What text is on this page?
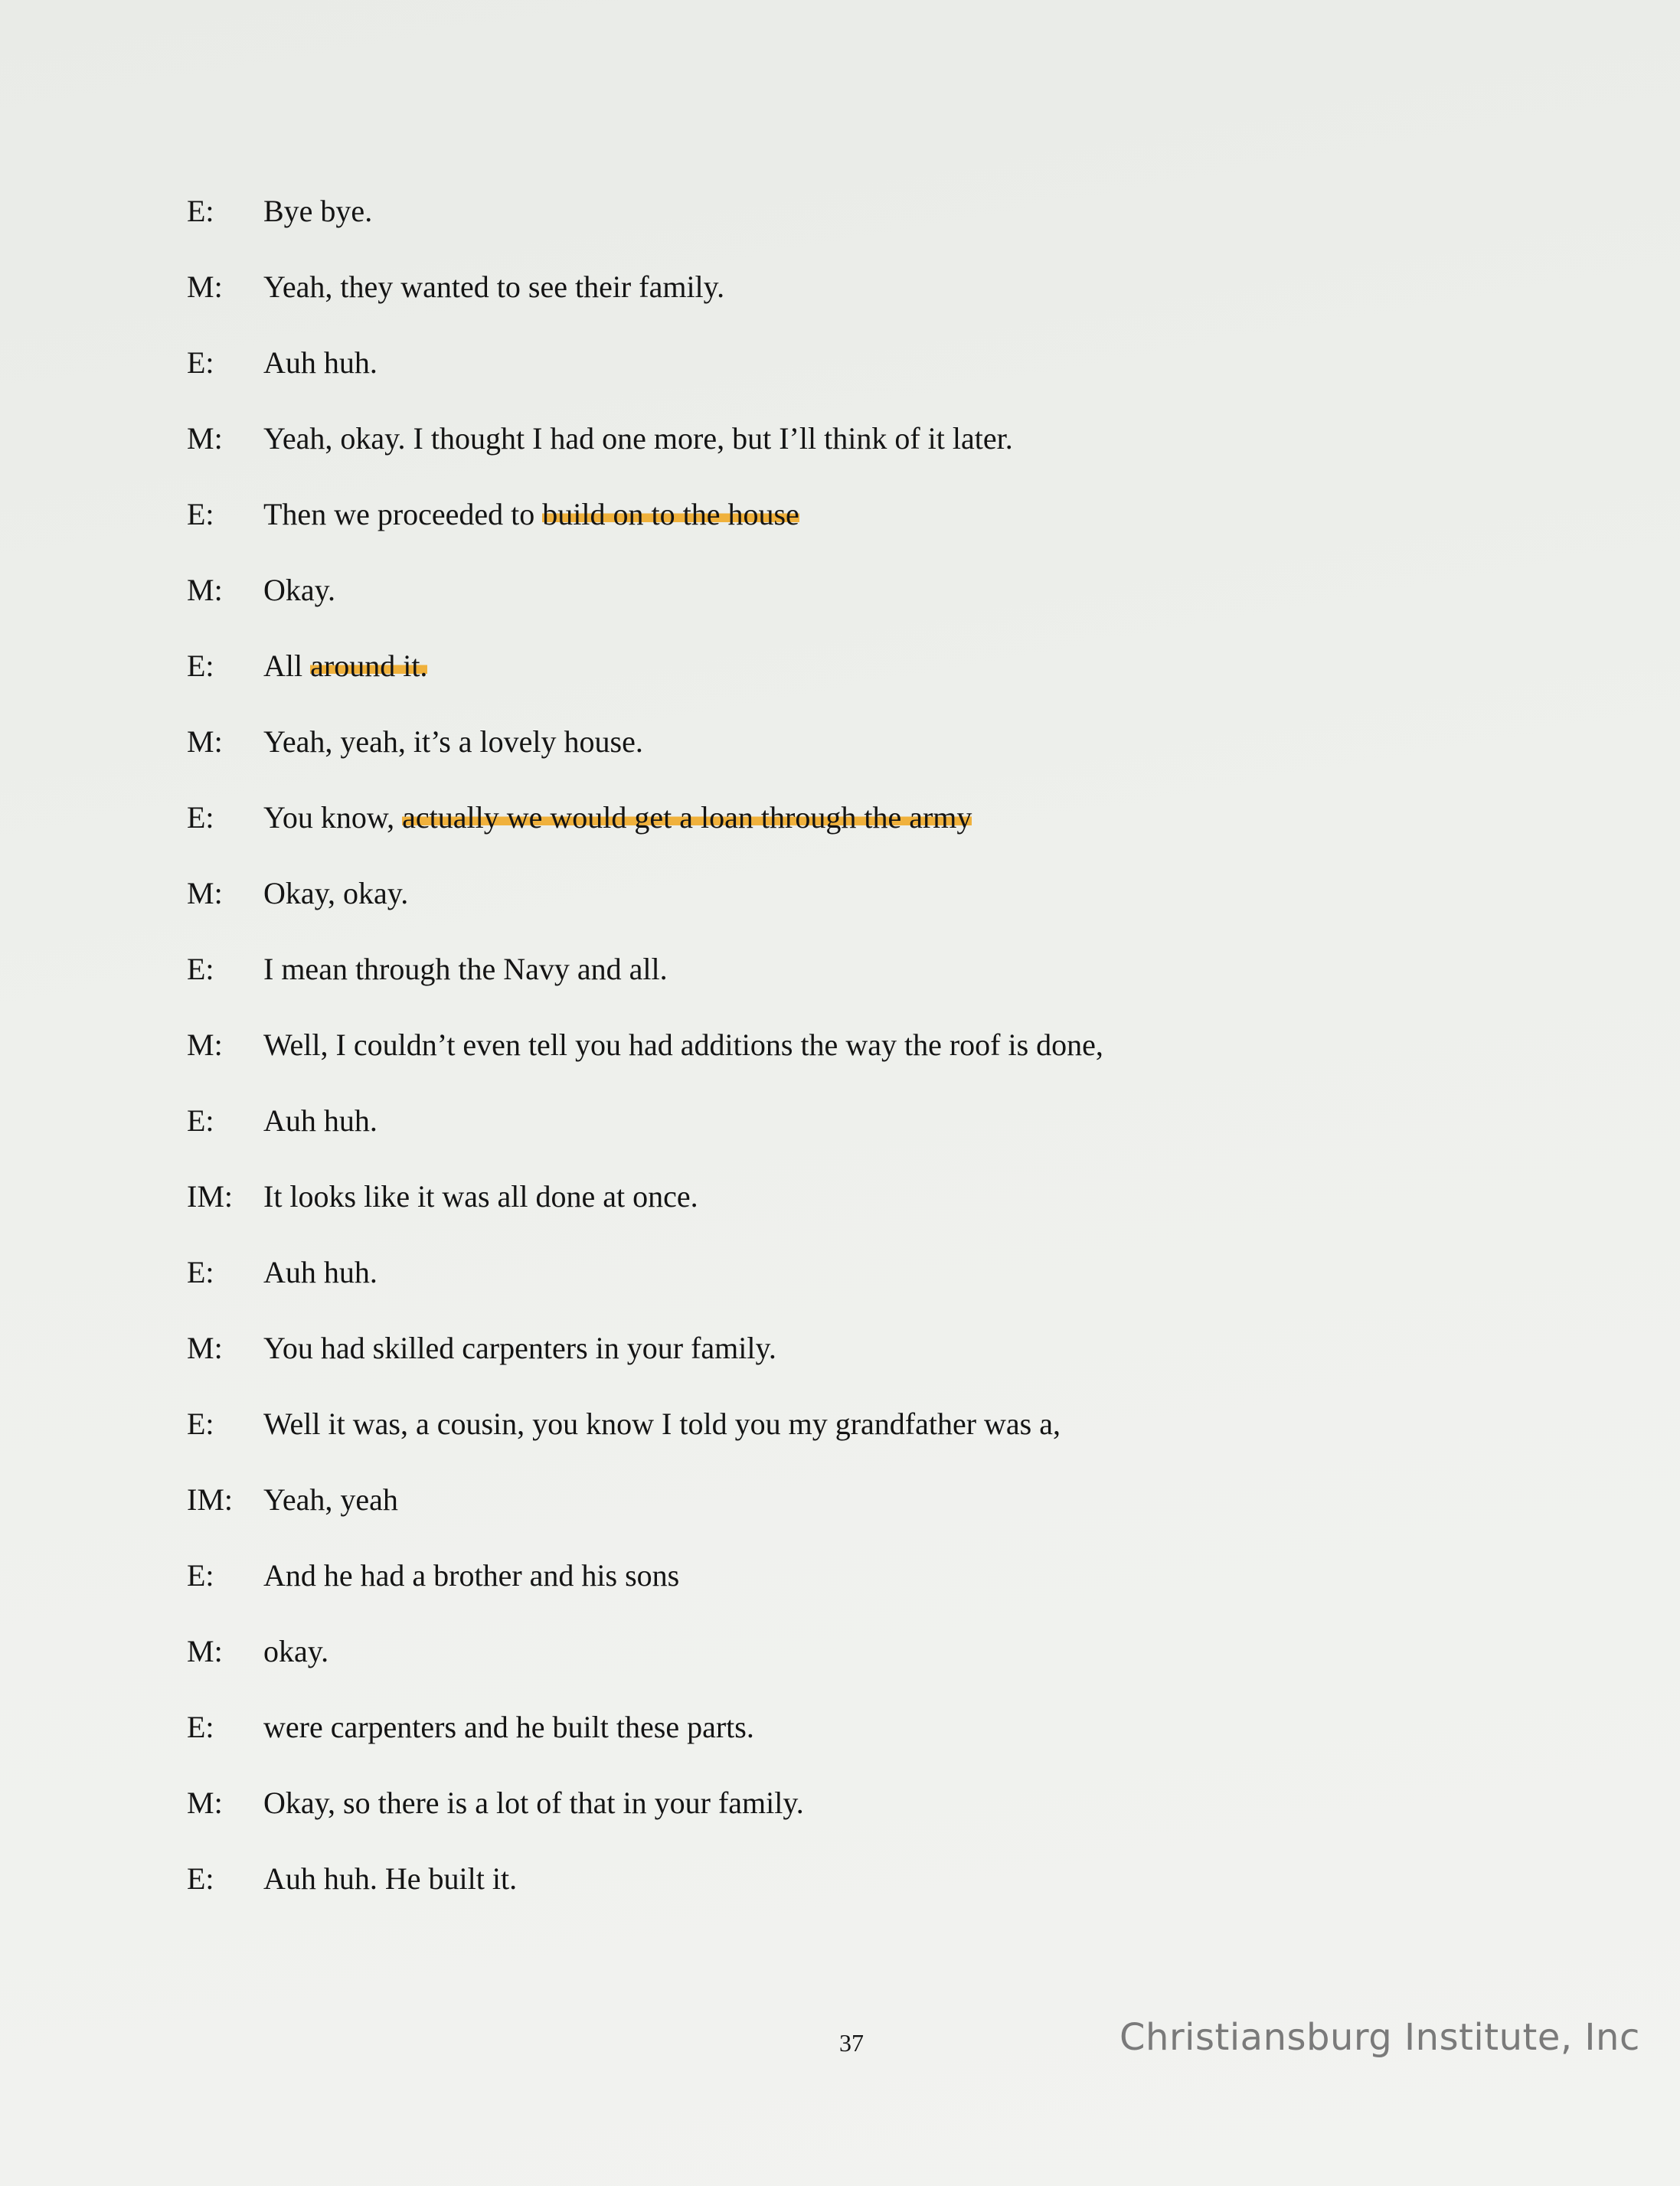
E: Bye bye.
M: Yeah, they wanted to see their family.
E: Auh huh.
M: Yeah, okay. I thought I had one more, but I’ll think of it later.
E: Then we proceeded to build on to the house
M: Okay.
E: All around it.
M: Yeah, yeah, it’s a lovely house.
E: You know, actually we would get a loan through the army
M: Okay, okay.
E: I mean through the Navy and all.
M: Well, I couldn’t even tell you had additions the way the roof is done,
E: Auh huh.
IM: It looks like it was all done at once.
E: Auh huh.
M: You had skilled carpenters in your family.
E: Well it was, a cousin, you know I told you my grandfather was a,
IM: Yeah, yeah
E: And he had a brother and his sons
M: okay.
E: were carpenters and he built these parts.
M: Okay, so there is a lot of that in your family.
E: Auh huh. He built it.
37	Christiansburg Institute, Inc
